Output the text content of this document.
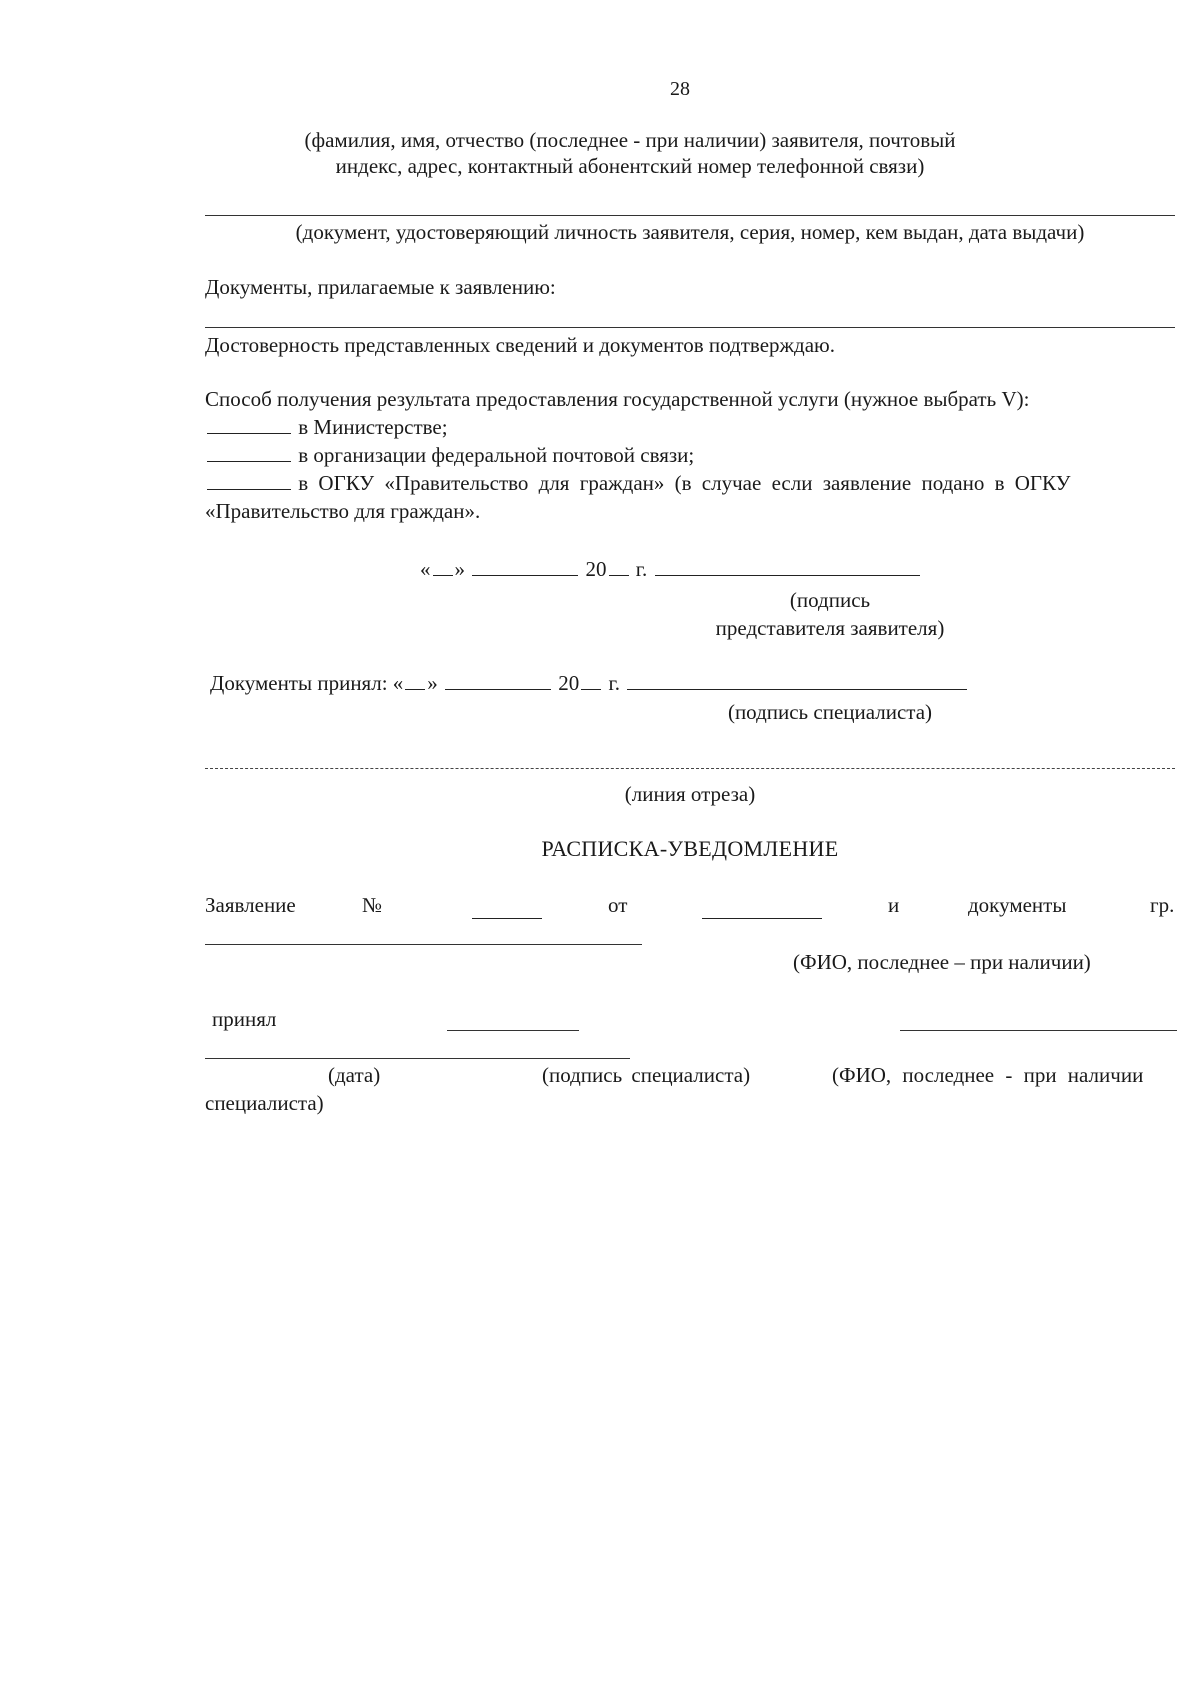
28
(фамилия, имя, отчество (последнее - при наличии) заявителя, почтовый
индекс, адрес, контактный абонентский номер телефонной связи)
(документ, удостоверяющий личность заявителя, серия, номер, кем выдан, дата выдачи)
Документы, прилагаемые к заявлению:
Достоверность представленных сведений и документов подтверждаю.
Способ получения результата предоставления государственной услуги (нужное выбрать V):
в Министерстве;
в организации федеральной почтовой связи;
в ОГКУ «Правительство для граждан» (в случае если заявление подано в ОГКУ
«Правительство для граждан».
« »	20 г.
(подпись
представителя заявителя)
Документы принял: « »	20 г.
(подпись специалиста)
(линия отреза)
РАСПИСКА-УВЕДОМЛЕНИЕ
Заявление	№	от	и	документы	гр.
(ФИО, последнее – при наличии)
принял
(дата)	(подпись специалиста)	(ФИО, последнее - при наличии
специалиста)
